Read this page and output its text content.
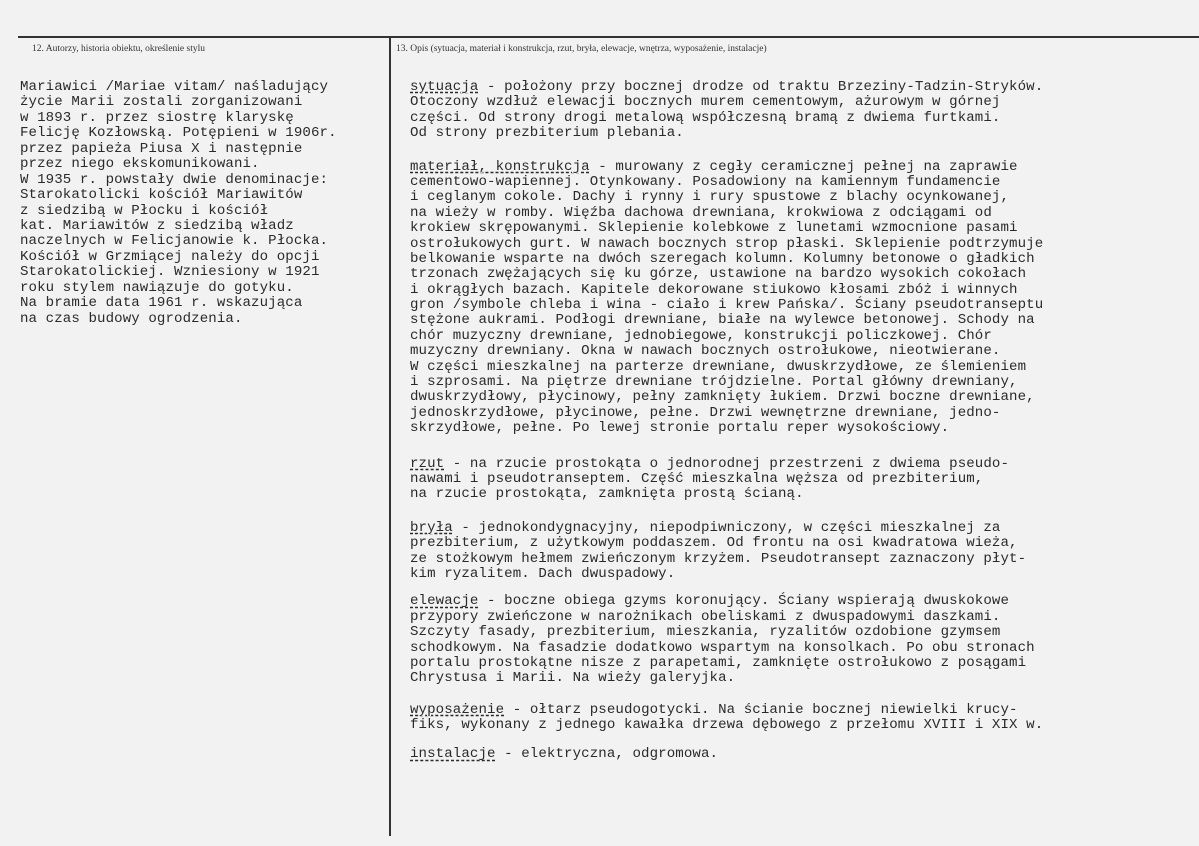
12. Autorzy, historia obiektu, określenie stylu	13. Opis (sytuacja, materiał i konstrukcja, rzut, bryła, elewacje, wnętrza, wyposażenie, instalacje)
Mariawici /Mariae vitam/ naśladujący
życie Marii zostali zorganizowani
w 1893 r. przez siostrę klaryskę
Felicję Kozłowską. Potępieni w 1906r.
przez papieża Piusa X i następnie
przez niego ekskomunikowani.
W 1935 r. powstały dwie denominacje:
Starokatolicki kościół Mariawitów
z siedzibą w Płocku i kościół
kat. Mariawitów z siedzibą władz
naczelnych w Felicjanowie k. Płocka.
Kościół w Grzmiącej należy do opcji
Starokatolickiej. Wzniesiony w 1921
roku stylem nawiązuje do gotyku.
Na bramie data 1961 r. wskazująca
na czas budowy ogrodzenia.
sytuacja - położony przy bocznej drodze od traktu Brzeziny-Tadzin-Stryków.
Otoczony wzdłuż elewacji bocznych murem cementowym, ażurowym w górnej
części. Od strony drogi metalową współczesną bramą z dwiema furtkami.
Od strony prezbiterium plebania.
materiał, konstrukcja - murowany z cegły ceramicznej pełnej na zaprawie
cementowo-wapiennej. Otynkowany. Posadowiony na kamiennym fundamencie
i ceglanym cokole. Dachy i rynny i rury spustowe z blachy ocynkowanej,
na wieży w romby. Więźba dachowa drewniana, krokwiowa z odciągami od
krokiew skrępowanymi. Sklepienie kolebkowe z lunetami wzmocnione pasami
ostrołukowych gurt. W nawach bocznych strop płaski. Sklepienie podtrzymuje
belkowanie wsparte na dwóch szeregach kolumn. Kolumny betonowe o gładkich
trzonach zwężających się ku górze, ustawione na bardzo wysokich cokołach
i okrągłych bazach. Kapitele dekorowane stiukowo kłosami zbóż i winnych
gron /symbole chleba i wina - ciało i krew Pańska/. Ściany pseudotranseptu
stężone aukrami. Podłogi drewniane, białe na wylewce betonowej. Schody na
chór muzyczny drewniane, jednobiegowe, konstrukcji policzkowej. Chór
muzyczny drewniany. Okna w nawach bocznych ostrołukowe, nieotwierane.
W części mieszkalnej na parterze drewniane, dwuskrzydłowe, ze ślemieniem
i szprosami. Na piętrze drewniane trójdzielne. Portal główny drewniany,
dwuskrzydłowy, płycinowy, pełny zamknięty łukiem. Drzwi boczne drewniane,
jednoskrzydłowe, płycinowe, pełne. Drzwi wewnętrzne drewniane, jedno-
skrzydłowe, pełne. Po lewej stronie portalu reper wysokościowy.
rzut - na rzucie prostokąta o jednorodnej przestrzeni z dwiema pseudo-
nawami i pseudotranseptem. Część mieszkalna węższa od prezbiterium,
na rzucie prostokąta, zamknięta prostą ścianą.
bryła - jednokondygnacyjny, niepodpiwniczony, w części mieszkalnej za
prezbiterium, z użytkowym poddaszem. Od frontu na osi kwadratowa wieża,
ze stożkowym hełmem zwieńczonym krzyżem. Pseudotransept zaznaczony płyt-
kim ryzalitem. Dach dwuspadowy.
elewacje - boczne obiega gzyms koronujący. Ściany wspierają dwuskokowe
przypory zwieńczone w narożnikach obeliskami z dwuspadowymi daszkami.
Szczyty fasady, prezbiterium, mieszkania, ryzalitów ozdobione gzymsem
schodkowym. Na fasadzie dodatkowo wspartym na konsolkach. Po obu stronach
portalu prostokątne nisze z parapetami, zamknięte ostrołukowo z posągami
Chrystusa i Marii. Na wieży galeryjka.
wyposażenie - ołtarz pseudogotycki. Na ścianie bocznej niewielki krucy-
fiks, wykonany z jednego kawałka drzewa dębowego z przełomu XVIII i XIX w.
instalacje - elektryczna, odgromowa.
